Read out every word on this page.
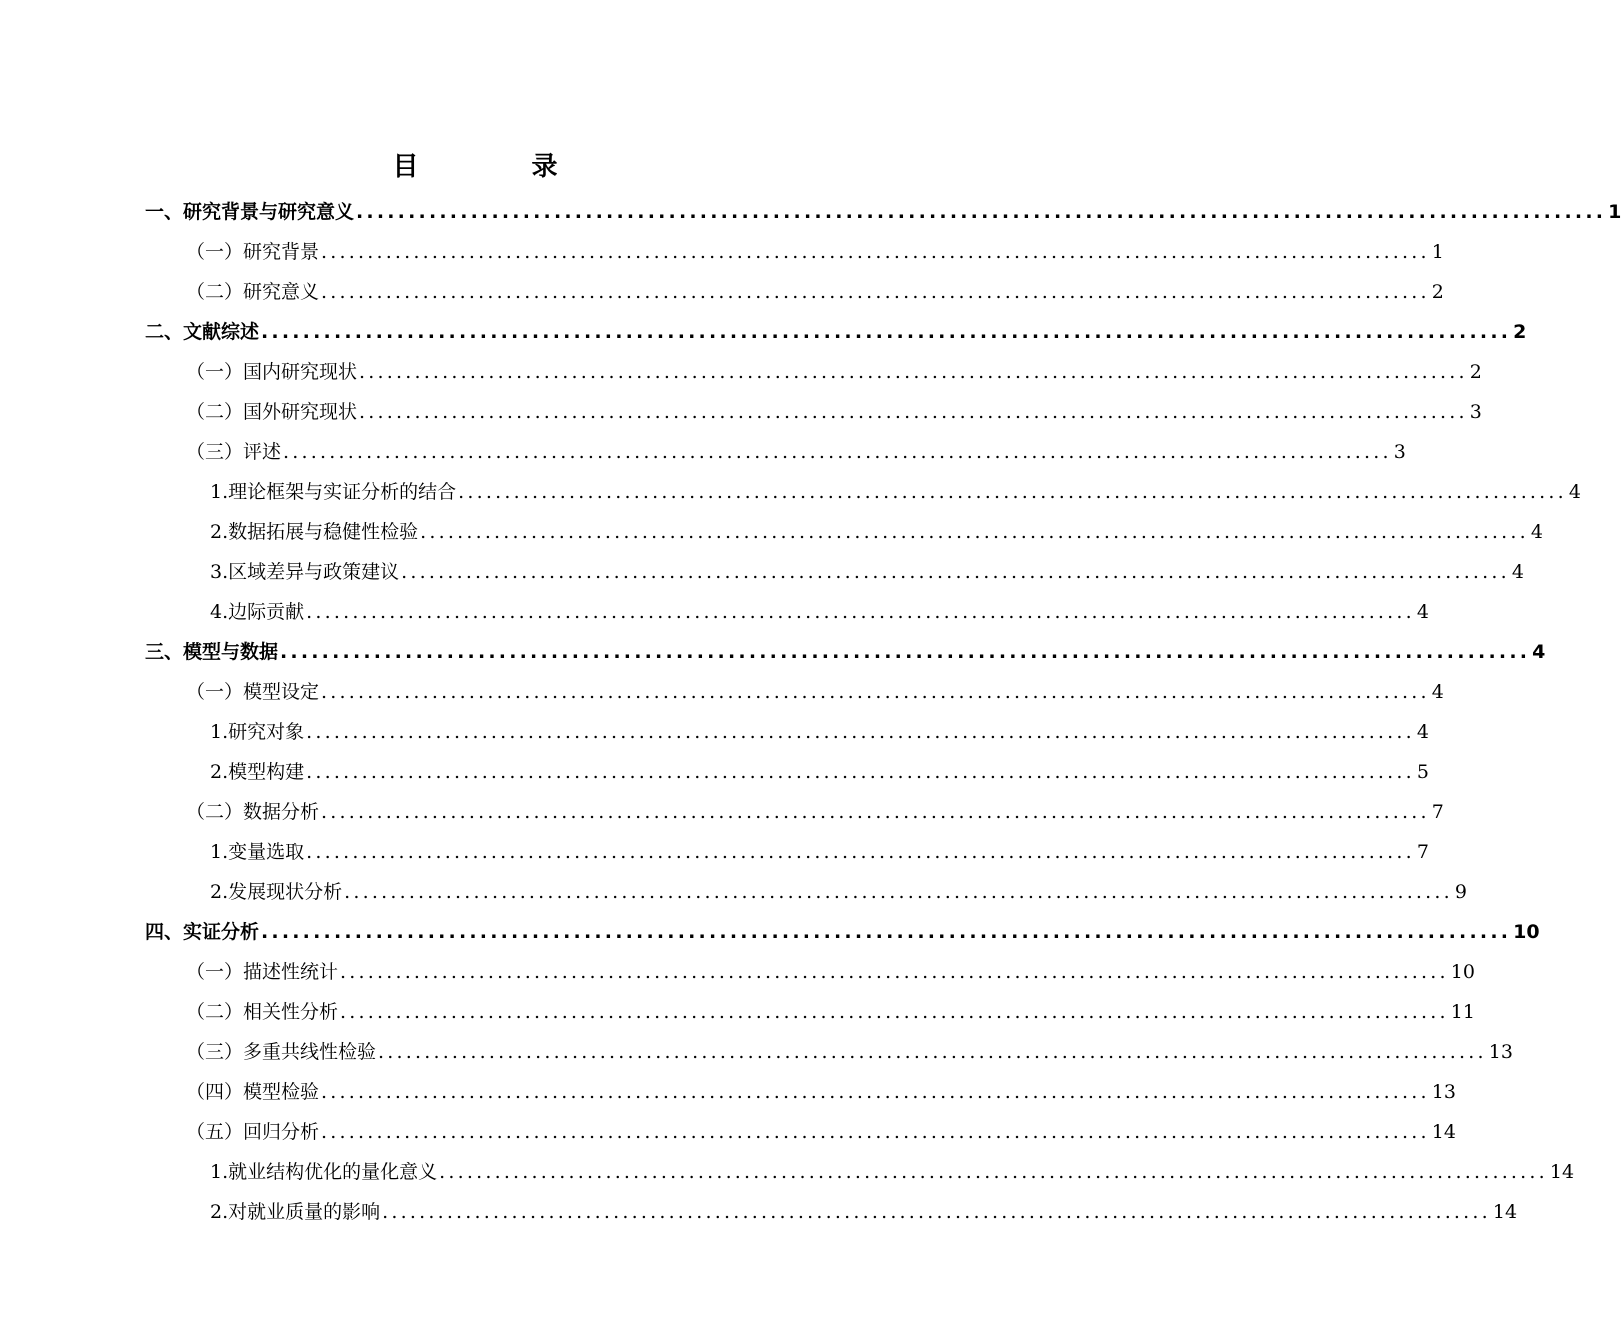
目 录
一、研究背景与研究意义 ........................................................................................................................ 1
（一）研究背景 ........................................................................................................................ 1
（二）研究意义 ........................................................................................................................ 2
二、文献综述 ........................................................................................................................ 2
（一）国内研究现状 ........................................................................................................................ 2
（二）国外研究现状 ........................................................................................................................ 3
（三）评述 ........................................................................................................................ 3
1.理论框架与实证分析的结合 ........................................................................................................................ 4
2.数据拓展与稳健性检验 ........................................................................................................................ 4
3.区域差异与政策建议 ........................................................................................................................ 4
4.边际贡献 ........................................................................................................................ 4
三、模型与数据 ........................................................................................................................ 4
（一）模型设定 ........................................................................................................................ 4
1.研究对象 ........................................................................................................................ 4
2.模型构建 ........................................................................................................................ 5
（二）数据分析 ........................................................................................................................ 7
1.变量选取 ........................................................................................................................ 7
2.发展现状分析 ........................................................................................................................ 9
四、实证分析 ........................................................................................................................ 10
（一）描述性统计 ........................................................................................................................ 10
（二）相关性分析 ........................................................................................................................ 11
（三）多重共线性检验 ........................................................................................................................ 13
（四）模型检验 ........................................................................................................................ 13
（五）回归分析 ........................................................................................................................ 14
1.就业结构优化的量化意义 ........................................................................................................................ 14
2.对就业质量的影响 ........................................................................................................................ 14
